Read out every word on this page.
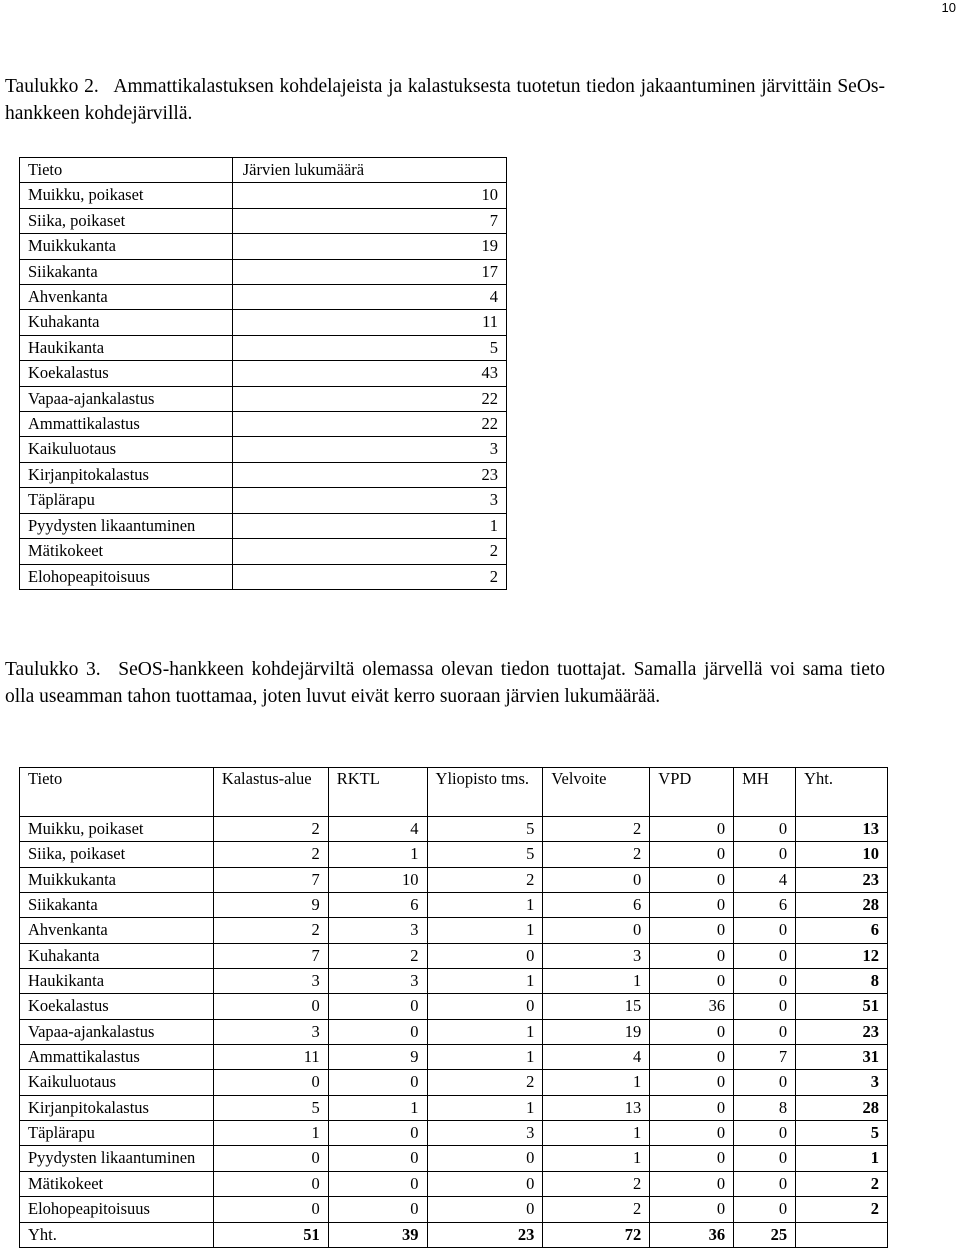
10
Taulukko 2. Ammattikalastuksen kohdelajeista ja kalastuksesta tuotetun tiedon jakaantuminen järvittäin SeOs-hankkeen kohdejärvillä.
Tieto	Järvien lukumäärä
Muikku, poikaset	10
Siika, poikaset	7
Muikkukanta	19
Siikakanta	17
Ahvenkanta	4
Kuhakanta	11
Haukikanta	5
Koekalastus	43
Vapaa-ajankalastus	22
Ammattikalastus	22
Kaikuluotaus	3
Kirjanpitokalastus	23
Täplärapu	3
Pyydysten likaantuminen	1
Mätikokeet	2
Elohopeapitoisuus	2
Taulukko 3. SeOS-hankkeen kohdejärviltä olemassa olevan tiedon tuottajat. Samalla järvellä voi sama tieto olla useamman tahon tuottamaa, joten luvut eivät kerro suoraan järvien lukumäärää.
Tieto	Kalastus-alue	RKTL	Yliopisto tms.	Velvoite	VPD	MH	Yht.
Muikku, poikaset	2	4	5	2	0	0	13
Siika, poikaset	2	1	5	2	0	0	10
Muikkukanta	7	10	2	0	0	4	23
Siikakanta	9	6	1	6	0	6	28
Ahvenkanta	2	3	1	0	0	0	6
Kuhakanta	7	2	0	3	0	0	12
Haukikanta	3	3	1	1	0	0	8
Koekalastus	0	0	0	15	36	0	51
Vapaa-ajankalastus	3	0	1	19	0	0	23
Ammattikalastus	11	9	1	4	0	7	31
Kaikuluotaus	0	0	2	1	0	0	3
Kirjanpitokalastus	5	1	1	13	0	8	28
Täplärapu	1	0	3	1	0	0	5
Pyydysten likaantuminen	0	0	0	1	0	0	1
Mätikokeet	0	0	0	2	0	0	2
Elohopeapitoisuus	0	0	0	2	0	0	2
Yht.	51	39	23	72	36	25	
